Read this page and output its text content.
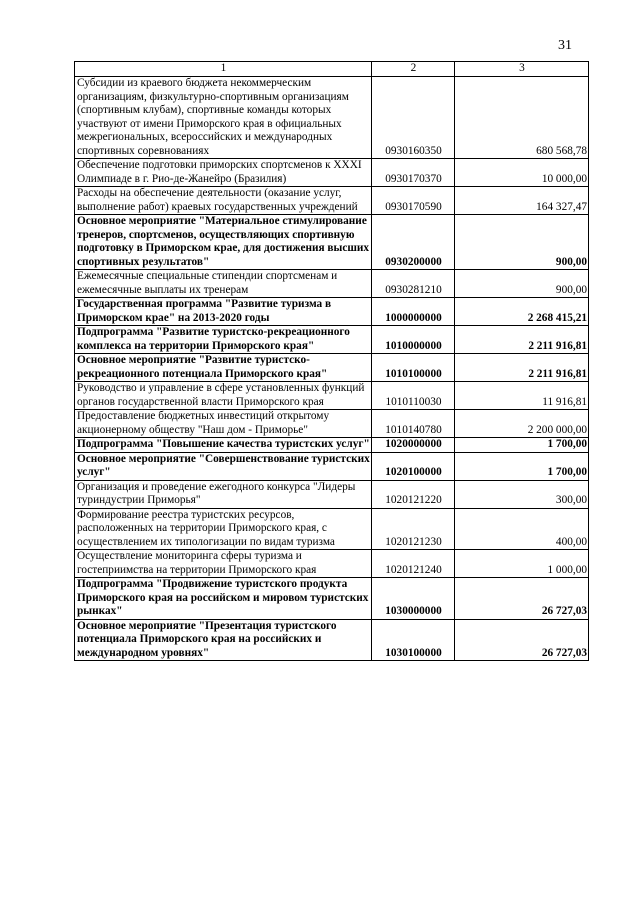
31
1	2	3
Субсидии из краевого бюджета некоммерческим организациям, физкультурно-спортивным организациям (спортивным клубам), спортивные команды которых участвуют от имени Приморского края в официальных межрегиональных, всероссийских и международных спортивных соревнованиях	0930160350	680 568,78
Обеспечение подготовки приморских спортсменов к XXXI Олимпиаде в г. Рио-де-Жанейро (Бразилия)	0930170370	10 000,00
Расходы на обеспечение деятельности (оказание услуг, выполнение работ) краевых государственных учреждений	0930170590	164 327,47
Основное мероприятие "Материальное стимулирование тренеров, спортсменов, осуществляющих спортивную подготовку в Приморском крае, для достижения высших спортивных результатов"	0930200000	900,00
Ежемесячные специальные стипендии спортсменам и ежемесячные выплаты их тренерам	0930281210	900,00
Государственная программа "Развитие туризма в Приморском крае" на 2013-2020 годы	1000000000	2 268 415,21
Подпрограмма "Развитие туристско-рекреационного комплекса на территории Приморского края"	1010000000	2 211 916,81
Основное мероприятие "Развитие туристско-рекреационного потенциала Приморского края"	1010100000	2 211 916,81
Руководство и управление в сфере установленных функций органов государственной власти Приморского края	1010110030	11 916,81
Предоставление бюджетных инвестиций открытому акционерному обществу "Наш дом - Приморье"	1010140780	2 200 000,00
Подпрограмма "Повышение качества туристских услуг"	1020000000	1 700,00
Основное мероприятие "Совершенствование туристских услуг"	1020100000	1 700,00
Организация и проведение ежегодного конкурса "Лидеры туриндустрии Приморья"	1020121220	300,00
Формирование реестра туристских ресурсов, расположенных на территории Приморского края, с осуществлением их типологизации по видам туризма	1020121230	400,00
Осуществление мониторинга сферы туризма и гостеприимства на территории Приморского края	1020121240	1 000,00
Подпрограмма "Продвижение туристского продукта Приморского края на российском и мировом туристских рынках"	1030000000	26 727,03
Основное мероприятие "Презентация туристского потенциала Приморского края на российских и международном уровнях"	1030100000	26 727,03
